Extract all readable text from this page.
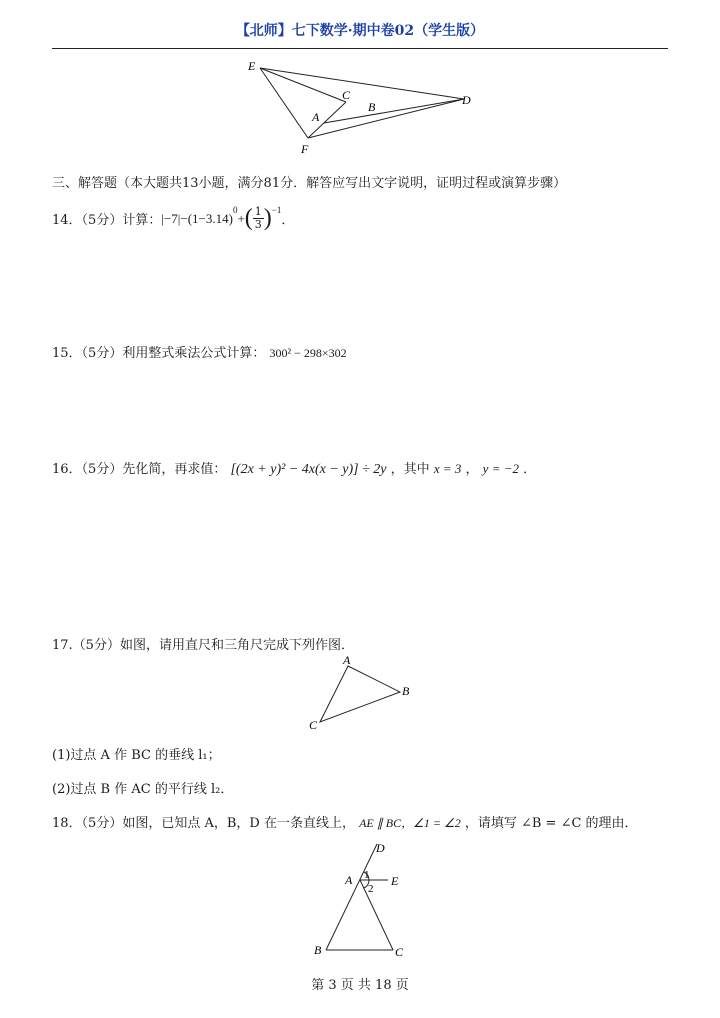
【北师】七下数学·期中卷02（学生版）
E
C
B	D
A
F
三、解答题（本大题共13小题，满分81分．解答应写出文字说明，证明过程或演算步骤）
14．（5分）计算： |−7|−(1−3.14)
$^0$
+ ( $\frac{1}{3} )^{-1}$
．
15．（5分）利用整式乘法公式计算： 300² − 298×302
16．（5分）先化简，再求值： [(2x + y)² − 4x(x − y)] ÷ 2y ，其中 x = 3 ， y = −2 ．
17.（5分）如图，请用直尺和三角尺完成下列作图．
A
B
C
(1)过点 A 作 BC 的垂线 l₁；
(2)过点 B 作 AC 的平行线 l₂．
18．（5分）如图，已知点 A，B，D 在一条直线上， AE ∥ BC，∠1 = ∠2 ，请填写 ∠B = ∠C 的理由．
D
A 1
2
E
B	C
第 3 页 共 18 页
